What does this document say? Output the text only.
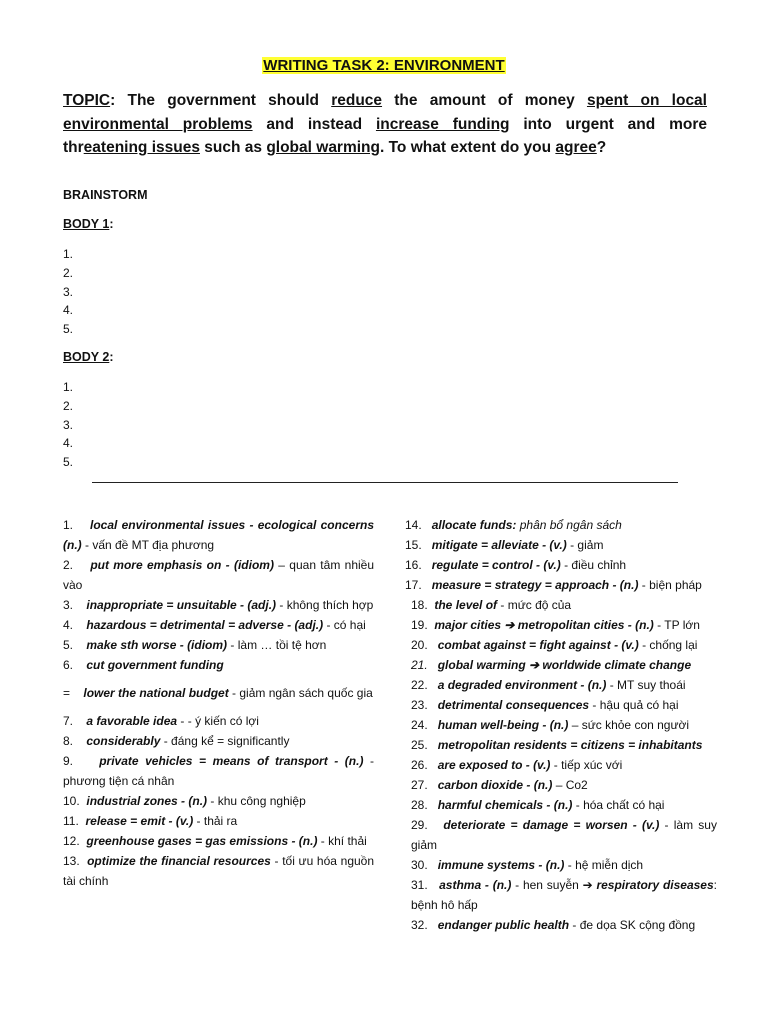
WRITING TASK 2: ENVIRONMENT
TOPIC: The government should reduce the amount of money spent on local environmental problems and instead increase funding into urgent and more threatening issues such as global warming. To what extent do you agree?
BRAINSTORM
BODY 1:
1.
2.
3.
4.
5.
BODY 2:
1.
2.
3.
4.
5.

1. local environmental issues - ecological concerns (n.) - vấn đề MT địa phương

2. put more emphasis on - (idiom) – quan tâm nhiều vào

3. inappropriate = unsuitable - (adj.) - không thích hợp

4. hazardous = detrimental = adverse - (adj.) - có hại

5. make sth worse - (idiom) - làm … tồi tệ hơn

6. cut government funding

= lower the national budget - giảm ngân sách quốc gia

7. a favorable idea - - ý kiến có lợi

8. considerably - đáng kể = significantly

9. private vehicles = means of transport - (n.) - phương tiện cá nhân

10. industrial zones - (n.) - khu công nghiệp

11. release = emit - (v.) - thải ra

12. greenhouse gases = gas emissions - (n.) - khí thải

13. optimize the financial resources - tối ưu hóa nguồn tài chính

14. allocate funds: phân bổ ngân sách

15. mitigate = alleviate - (v.) - giảm

16. regulate = control - (v.) - điều chỉnh

17. measure = strategy = approach - (n.) - biện pháp

18. the level of - mức độ của

19. major cities ➔ metropolitan cities - (n.) - TP lớn

20. combat against = fight against - (v.) - chống lại

21. global warming ➔ worldwide climate change

22. a degraded environment - (n.) - MT suy thoái

23. detrimental consequences - hậu quả có hại

24. human well-being - (n.) – sức khỏe con người

25. metropolitan residents = citizens = inhabitants

26. are exposed to - (v.) - tiếp xúc với

27. carbon dioxide - (n.) – Co2

28. harmful chemicals - (n.) - hóa chất có hại

29. deteriorate = damage = worsen - (v.) - làm suy giảm

30. immune systems - (n.) - hệ miễn dịch

31. asthma - (n.) - hen suyễn ➔ respiratory diseases: bệnh hô hấp

32. endanger public health - đe dọa SK cộng đồng
